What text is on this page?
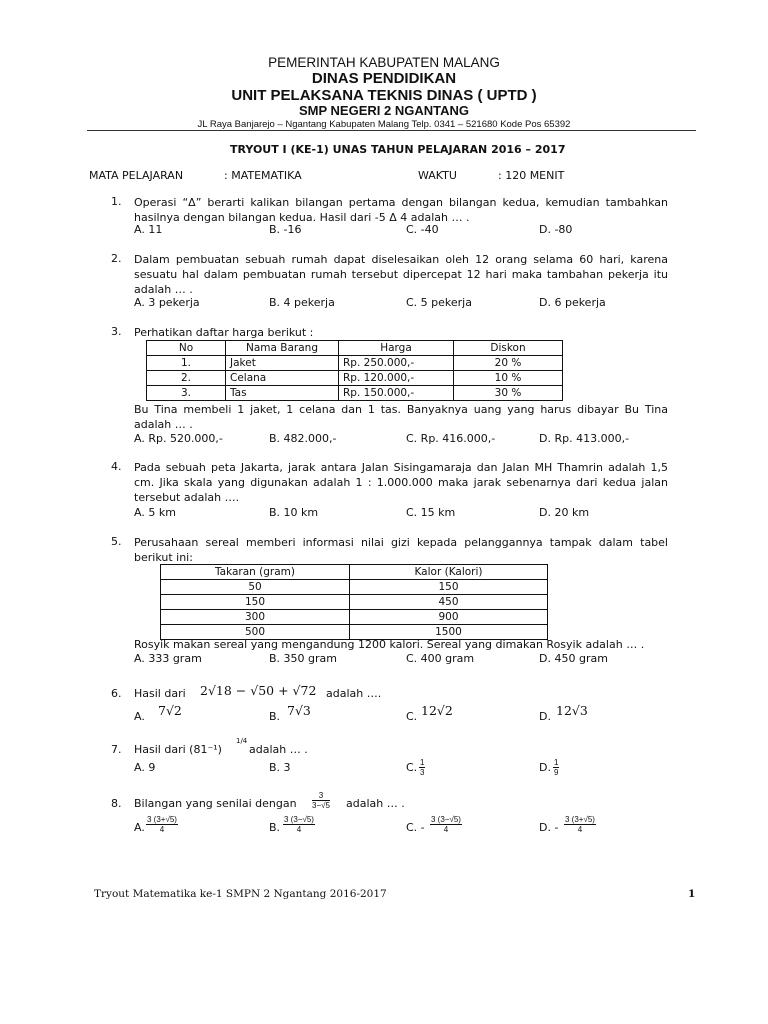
PEMERINTAH KABUPATEN MALANG
DINAS PENDIDIKAN
UNIT PELAKSANA TEKNIS DINAS ( UPTD )
SMP NEGERI 2 NGANTANG
JL Raya Banjarejo – Ngantang Kabupaten Malang Telp. 0341 – 521680 Kode Pos 65392
TRYOUT I (KE-1) UNAS TAHUN PELAJARAN 2016 – 2017
MATA PELAJARAN	: MATEMATIKA	WAKTU	: 120 MENIT
1. Operasi “Δ” berarti kalikan bilangan pertama dengan bilangan kedua, kemudian tambahkan hasilnya dengan bilangan kedua. Hasil dari -5 Δ 4 adalah … .
A. 11	B. -16	C. -40	D. -80
2. Dalam pembuatan sebuah rumah dapat diselesaikan oleh 12 orang selama 60 hari, karena sesuatu hal dalam pembuatan rumah tersebut dipercepat 12 hari maka tambahan pekerja itu adalah … .
A. 3 pekerja	B. 4 pekerja	C. 5 pekerja	D. 6 pekerja
3. Perhatikan daftar harga berikut :
No	Nama Barang	Harga	Diskon
1.	Jaket	Rp. 250.000,-	20 %
2.	Celana	Rp. 120.000,-	10 %
3.	Tas	Rp. 150.000,-	30 %
Bu Tina membeli 1 jaket, 1 celana dan 1 tas. Banyaknya uang yang harus dibayar Bu Tina adalah … .
A. Rp. 520.000,-	B. 482.000,-	C. Rp. 416.000,-	D. Rp. 413.000,-
4. Pada sebuah peta Jakarta, jarak antara Jalan Sisingamaraja dan Jalan MH Thamrin adalah 1,5 cm. Jika skala yang digunakan adalah 1 : 1.000.000 maka jarak sebenarnya dari kedua jalan tersebut adalah ….
A. 5 km	B. 10 km	C. 15 km	D. 20 km
5. Perusahaan sereal memberi informasi nilai gizi kepada pelanggannya tampak dalam tabel berikut ini:
Takaran (gram)	Kalor (Kalori)
50	150
150	450
300	900
500	1500
Rosyik makan sereal yang mengandung 1200 kalori. Sereal yang dimakan Rosyik adalah … .
A. 333 gram	B. 350 gram	C. 400 gram	D. 450 gram
6. Hasil dari 2√18 − √50 + √72 adalah ….
A. 7√2	B. 7√3	C. 12√2	D. 12√3
7. Hasil dari (81⁻¹)
1/4
adalah … .
A. 9	B. 3	C. $\frac{1}{3}$	D. $\frac{1}{9}$
8. Bilangan yang senilai dengan $\frac{3}{3-√5}$ adalah … .
A. $\frac{3 (3+√5)}{4}$	B. $\frac{3 (3-√5)}{4}$	C. - $\frac{3 (3-√5)}{4}$	D. - $\frac{3 (3+√5)}{4}$
Tryout Matematika ke-1 SMPN 2 Ngantang 2016-2017	1
